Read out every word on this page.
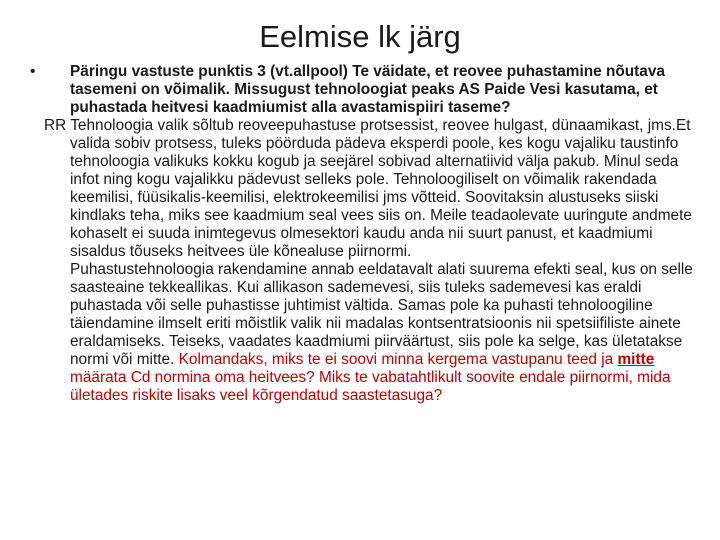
Eelmise lk järg
• Päringu vastuste punktis 3 (vt.allpool) Te väidate, et reovee puhastamine nõutava tasemeni on võimalik. Missugust tehnoloogiat peaks AS Paide Vesi kasutama, et puhastada heitvesi kaadmiumist alla avastamispiiri taseme?
RR Tehnoloogia valik sõltub reoveepuhastuse protsessist, reovee hulgast, dünaamikast, jms.Et valida sobiv protsess, tuleks pöörduda pädeva eksperdi poole, kes kogu vajaliku taustinfo tehnoloogia valikuks kokku kogub ja seejärel sobivad alternatiivid välja pakub. Minul seda infot ning kogu vajalikku pädevust selleks pole. Tehnoloogiliselt on võimalik rakendada keemilisi, füüsikalis-keemilisi, elektrokeemilisi jms võtteid. Soovitaksin alustuseks siiski kindlaks teha, miks see kaadmium seal vees siis on. Meile teadaolevate uuringute andmete kohaselt ei suuda inimtegevus olmesektori kaudu anda nii suurt panust, et kaadmiumi sisaldus tõuseks heitvees üle kõnealuse piirnormi.
Puhastustehnoloogia rakendamine annab eeldatavalt alati suurema efekti seal, kus on selle saasteaine tekkeallikas. Kui allikason sademevesi, siis tuleks sademevesi kas eraldi puhastada või selle puhastisse juhtimist vältida. Samas pole ka puhasti tehnoloogiline täiendamine ilmselt eriti mõistlik valik nii madalas kontsentratsioonis nii spetsiifiliste ainete eraldamiseks. Teiseks, vaadates kaadmiumi piirväärtust, siis pole ka selge, kas ületatakse normi või mitte. Kolmandaks, miks te ei soovi minna kergema vastupanu teed ja mitte määrata Cd normina oma heitvees? Miks te vabatahtlikult soovite endale piirnormi, mida ületades riskite lisaks veel kõrgendatud saastetasuga?
